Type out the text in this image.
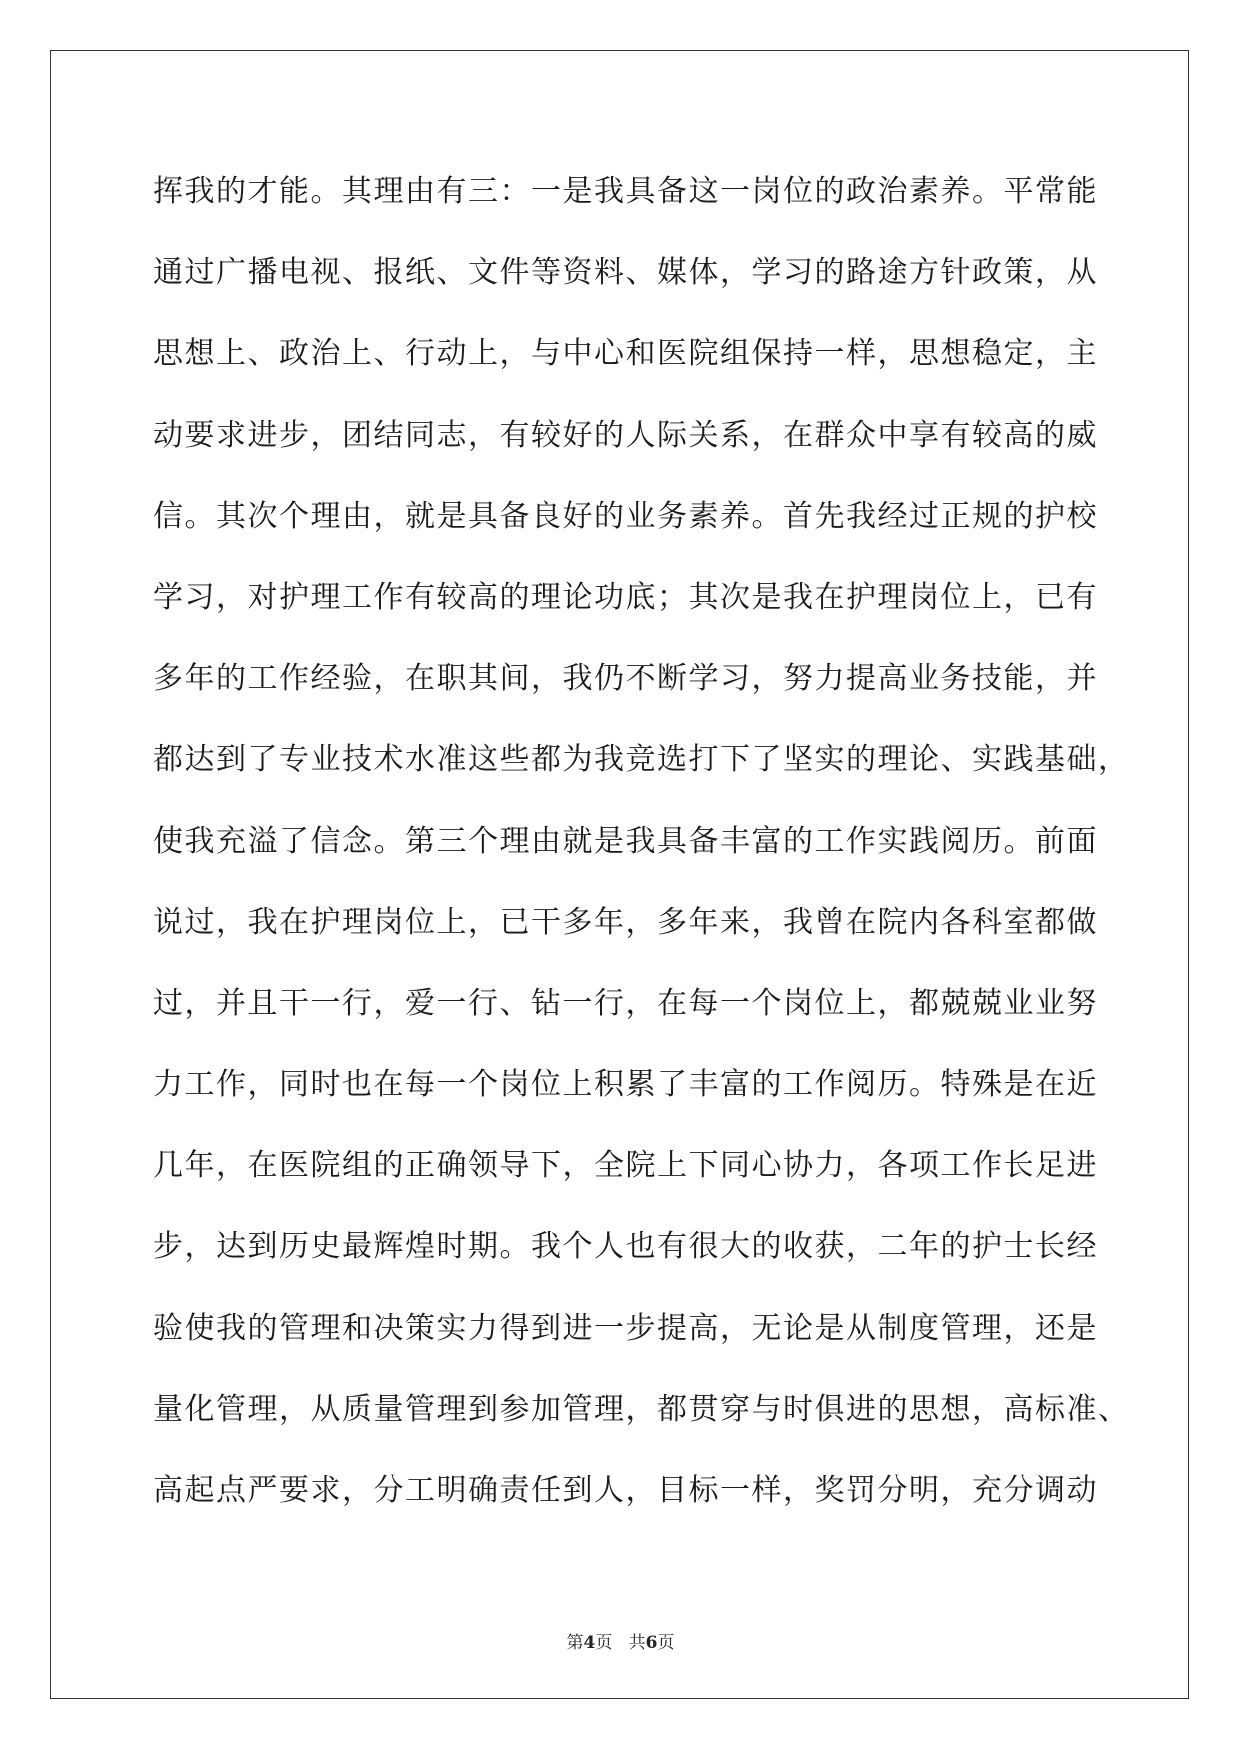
挥我的才能。其理由有三：一是我具备这一岗位的政治素养。平常能
通过广播电视、报纸、文件等资料、媒体，学习的路途方针政策，从
思想上、政治上、行动上，与中心和医院组保持一样，思想稳定，主
动要求进步，团结同志，有较好的人际关系，在群众中享有较高的威
信。其次个理由，就是具备良好的业务素养。首先我经过正规的护校
学习，对护理工作有较高的理论功底；其次是我在护理岗位上，已有
多年的工作经验，在职其间，我仍不断学习，努力提高业务技能，并
都达到了专业技术水准这些都为我竞选打下了坚实的理论、实践基础，
使我充溢了信念。第三个理由就是我具备丰富的工作实践阅历。前面
说过，我在护理岗位上，已干多年，多年来，我曾在院内各科室都做
过，并且干一行，爱一行、钻一行，在每一个岗位上，都兢兢业业努
力工作，同时也在每一个岗位上积累了丰富的工作阅历。特殊是在近
几年，在医院组的正确领导下，全院上下同心协力，各项工作长足进
步，达到历史最辉煌时期。我个人也有很大的收获，二年的护士长经
验使我的管理和决策实力得到进一步提高，无论是从制度管理，还是
量化管理，从质量管理到参加管理，都贯穿与时俱进的思想，高标准、
高起点严要求，分工明确责任到人，目标一样，奖罚分明，充分调动
第4页 共6页
